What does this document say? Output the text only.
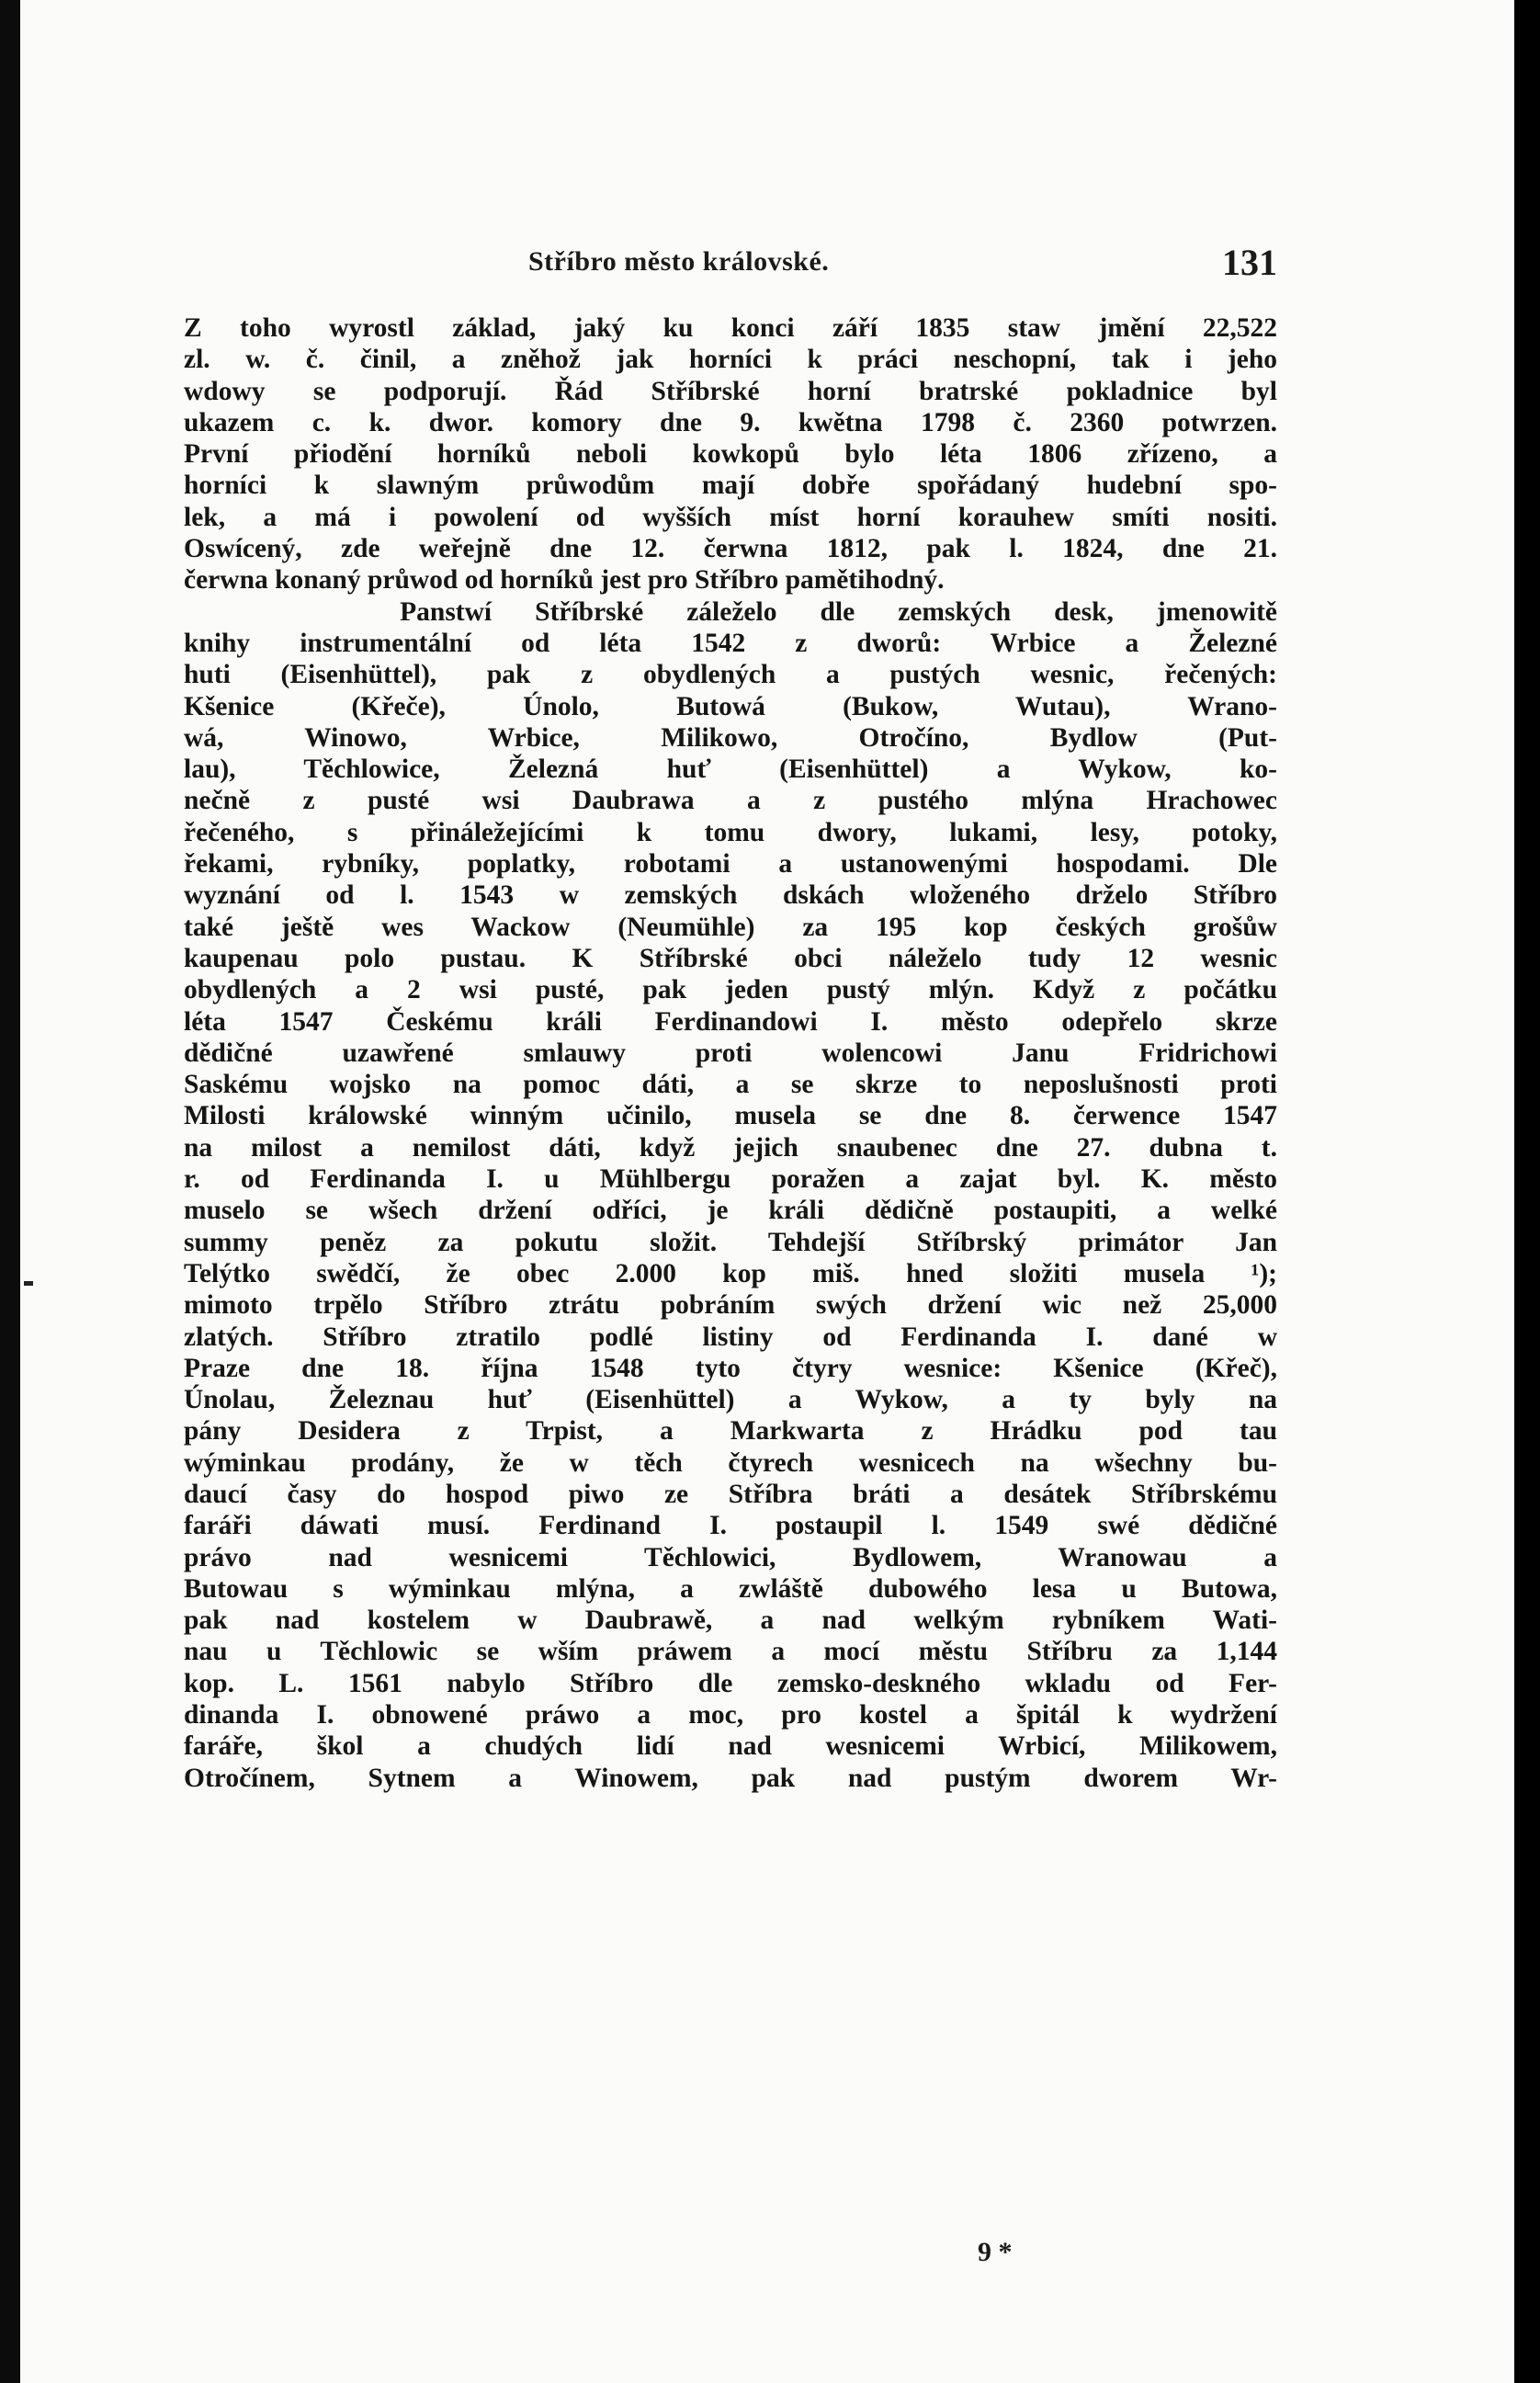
Stříbro město královské.	131
Z toho wyrostl základ, jaký ku konci září 1835 staw jmění 22,522
zl. w. č. činil, a zněhož jak horníci k práci neschopní, tak i jeho
wdowy se podporují. Řád Stříbrské horní bratrské pokladnice byl
ukazem c. k. dwor. komory dne 9. kwětna 1798 č. 2360 potwrzen.
První přiodění horníků neboli kowkopů bylo léta 1806 zřízeno, a
horníci k slawným průwodům mají dobře spořádaný hudební spo-
lek, a má i powolení od wyšších míst horní korauhew smíti nositi.
Oswícený, zde weřejně dne 12. čerwna 1812, pak l. 1824, dne 21.
čerwna konaný průwod od horníků jest pro Stříbro pamětihodný.
Panstwí Stříbrské záleželo dle zemských desk, jmenowitě
knihy instrumentální od léta 1542 z dworů: Wrbice a Železné
huti (Eisenhüttel), pak z obydlených a pustých wesnic, řečených:
Kšenice (Křeče), Únolo, Butowá (Bukow, Wutau), Wrano-
wá, Winowo, Wrbice, Milikowo, Otročíno, Bydlow (Put-
lau), Těchlowice, Železná huť (Eisenhüttel) a Wykow, ko-
nečně z pusté wsi Daubrawa a z pustého mlýna Hrachowec
řečeného, s přináležejícími k tomu dwory, lukami, lesy, potoky,
řekami, rybníky, poplatky, robotami a ustanowenými hospodami. Dle
wyznání od l. 1543 w zemských dskách wloženého drželo Stříbro
také ještě wes Wackow (Neumühle) za 195 kop českých grošůw
kaupenau polo pustau. K Stříbrské obci náleželo tudy 12 wesnic
obydlených a 2 wsi pusté, pak jeden pustý mlýn. Když z počátku
léta 1547 Českému králi Ferdinandowi I. město odepřelo skrze
dědičné uzawřené smlauwy proti wolencowi Janu Fridrichowi
Saskému wojsko na pomoc dáti, a se skrze to neposlušnosti proti
Milosti králowské winným učinilo, musela se dne 8. čerwence 1547
na milost a nemilost dáti, když jejich snaubenec dne 27. dubna t.
r. od Ferdinanda I. u Mühlbergu poražen a zajat byl. K. město
muselo se wšech držení odříci, je králi dědičně postaupiti, a welké
summy peněz za pokutu složit. Tehdejší Stříbrský primátor Jan
Telýtko swědčí, že obec 2.000 kop miš. hned složiti musela ¹);
mimoto trpělo Stříbro ztrátu pobráním swých držení wic než 25,000
zlatých. Stříbro ztratilo podlé listiny od Ferdinanda I. dané w
Praze dne 18. října 1548 tyto čtyry wesnice: Kšenice (Křeč),
Únolau, Železnau huť (Eisenhüttel) a Wykow, a ty byly na
pány Desidera z Trpist, a Markwarta z Hrádku pod tau
wýminkau prodány, že w těch čtyrech wesnicech na wšechny bu-
daucí časy do hospod piwo ze Stříbra bráti a desátek Stříbrskému
faráři dáwati musí. Ferdinand I. postaupil l. 1549 swé dědičné
právo nad wesnicemi Těchlowici, Bydlowem, Wranowau a
Butowau s wýminkau mlýna, a zwláště dubowého lesa u Butowa,
pak nad kostelem w Daubrawě, a nad welkým rybníkem Wati-
nau u Těchlowic se wším práwem a mocí městu Stříbru za 1,144
kop. L. 1561 nabylo Stříbro dle zemsko-deskného wkladu od Fer-
dinanda I. obnowené práwo a moc, pro kostel a špitál k wydržení
faráře, škol a chudých lidí nad wesnicemi Wrbicí, Milikowem,
Otročínem, Sytnem a Winowem, pak nad pustým dworem Wr-
9 *
